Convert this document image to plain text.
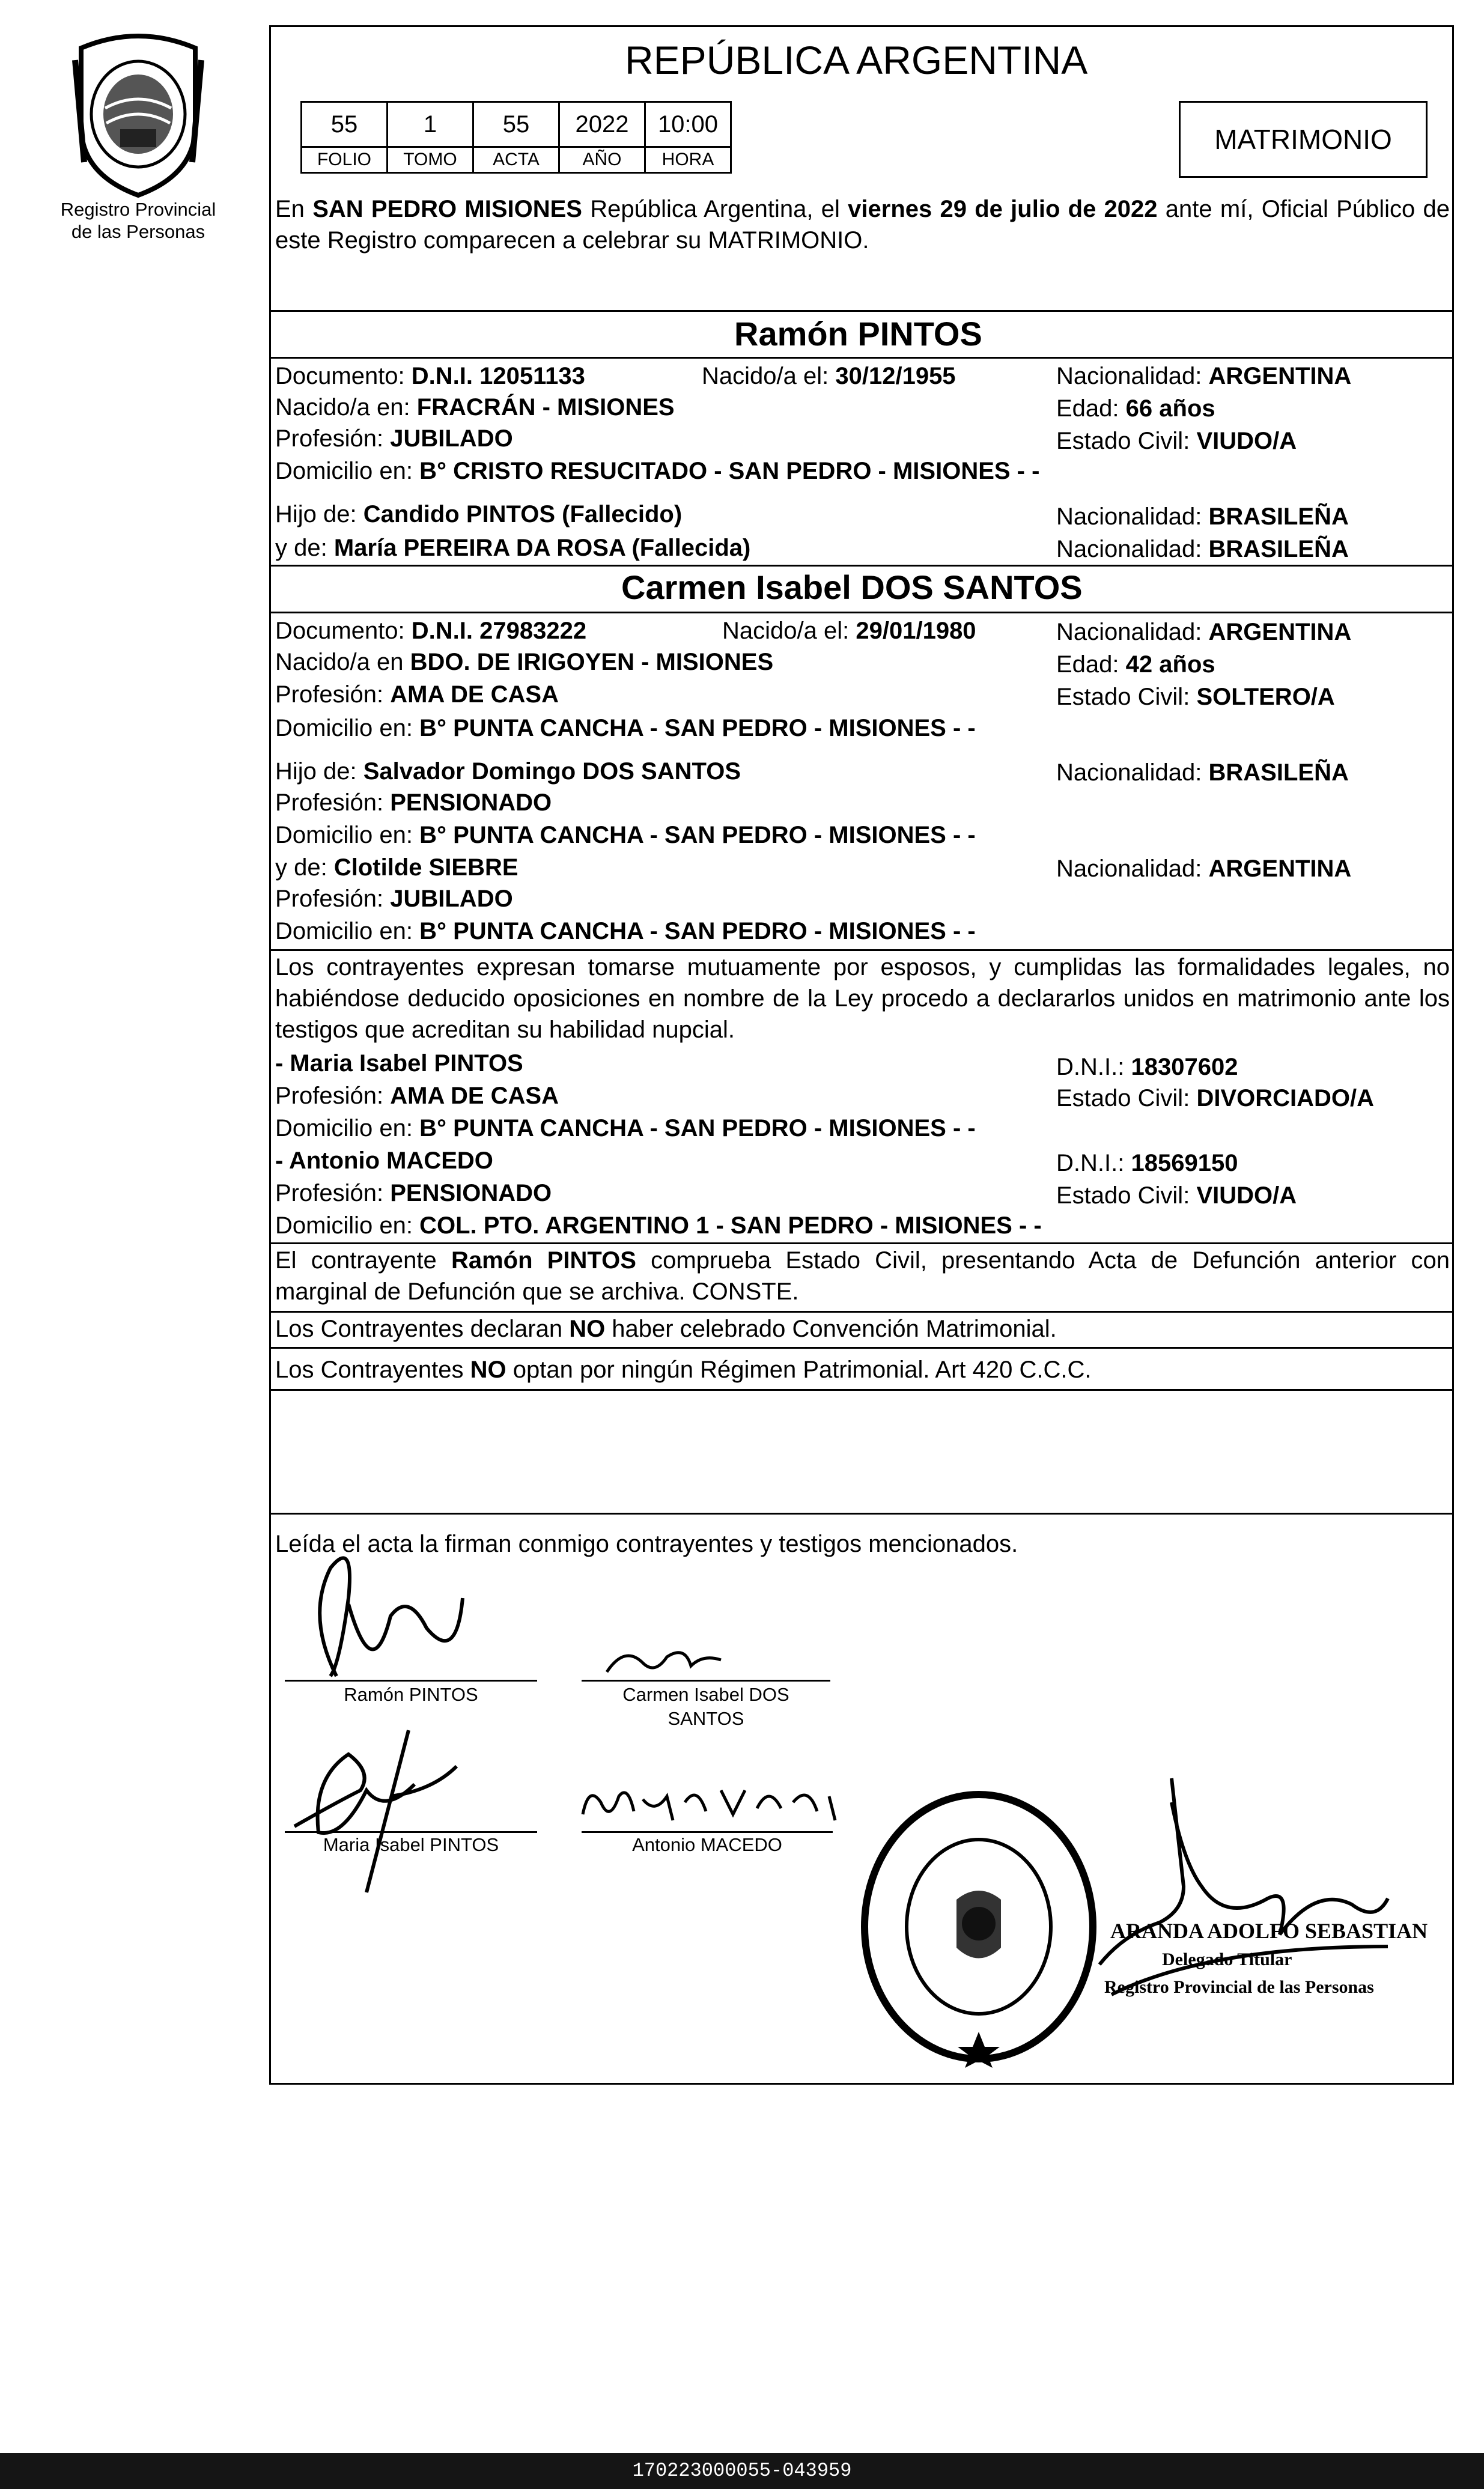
Registro Provincial
de las Personas
REPÚBLICA ARGENTINA
55	1	55	2022	10:00
FOLIO	TOMO	ACTA	AÑO	HORA
MATRIMONIO
En SAN PEDRO MISIONES República Argentina, el viernes 29 de julio de 2022 ante mí, Oficial Público de este Registro comparecen a celebrar su MATRIMONIO.
Ramón PINTOS
Documento: D.N.I. 12051133	Nacido/a el: 30/12/1955	Nacionalidad: ARGENTINA
Nacido/a en: FRACRÁN - MISIONES	Edad: 66 años
Profesión: JUBILADO	Estado Civil: VIUDO/A
Domicilio en: B° CRISTO RESUCITADO - SAN PEDRO - MISIONES - -
Hijo de: Candido PINTOS (Fallecido)	Nacionalidad: BRASILEÑA
y de: María PEREIRA DA ROSA (Fallecida)	Nacionalidad: BRASILEÑA
Carmen Isabel DOS SANTOS
Documento: D.N.I. 27983222	Nacido/a el: 29/01/1980	Nacionalidad: ARGENTINA
Nacido/a en BDO. DE IRIGOYEN - MISIONES	Edad: 42 años
Profesión: AMA DE CASA	Estado Civil: SOLTERO/A
Domicilio en: B° PUNTA CANCHA - SAN PEDRO - MISIONES - -
Hijo de: Salvador Domingo DOS SANTOS	Nacionalidad: BRASILEÑA
Profesión: PENSIONADO
Domicilio en: B° PUNTA CANCHA - SAN PEDRO - MISIONES - -
y de: Clotilde SIEBRE	Nacionalidad: ARGENTINA
Profesión: JUBILADO
Domicilio en: B° PUNTA CANCHA - SAN PEDRO - MISIONES - -
Los contrayentes expresan tomarse mutuamente por esposos, y cumplidas las formalidades legales, no habiéndose deducido oposiciones en nombre de la Ley procedo a declararlos unidos en matrimonio ante los testigos que acreditan su habilidad nupcial.
- Maria Isabel PINTOS	D.N.I.: 18307602
Profesión: AMA DE CASA	Estado Civil: DIVORCIADO/A
Domicilio en: B° PUNTA CANCHA - SAN PEDRO - MISIONES - -
- Antonio MACEDO	D.N.I.: 18569150
Profesión: PENSIONADO	Estado Civil: VIUDO/A
Domicilio en: COL. PTO. ARGENTINO 1 - SAN PEDRO - MISIONES - -
El contrayente Ramón PINTOS comprueba Estado Civil, presentando Acta de Defunción anterior con marginal de Defunción que se archiva. CONSTE.
Los Contrayentes declaran NO haber celebrado Convención Matrimonial.
Los Contrayentes NO optan por ningún Régimen Patrimonial. Art 420 C.C.C.
Leída el acta la firman conmigo contrayentes y testigos mencionados.
Ramón PINTOS	Carmen Isabel DOS
SANTOS
Maria Isabel PINTOS	Antonio MACEDO
ARANDA ADOLFO SEBASTIAN
Delegado Titular
Registro Provincial de las Personas
170223000055-043959
